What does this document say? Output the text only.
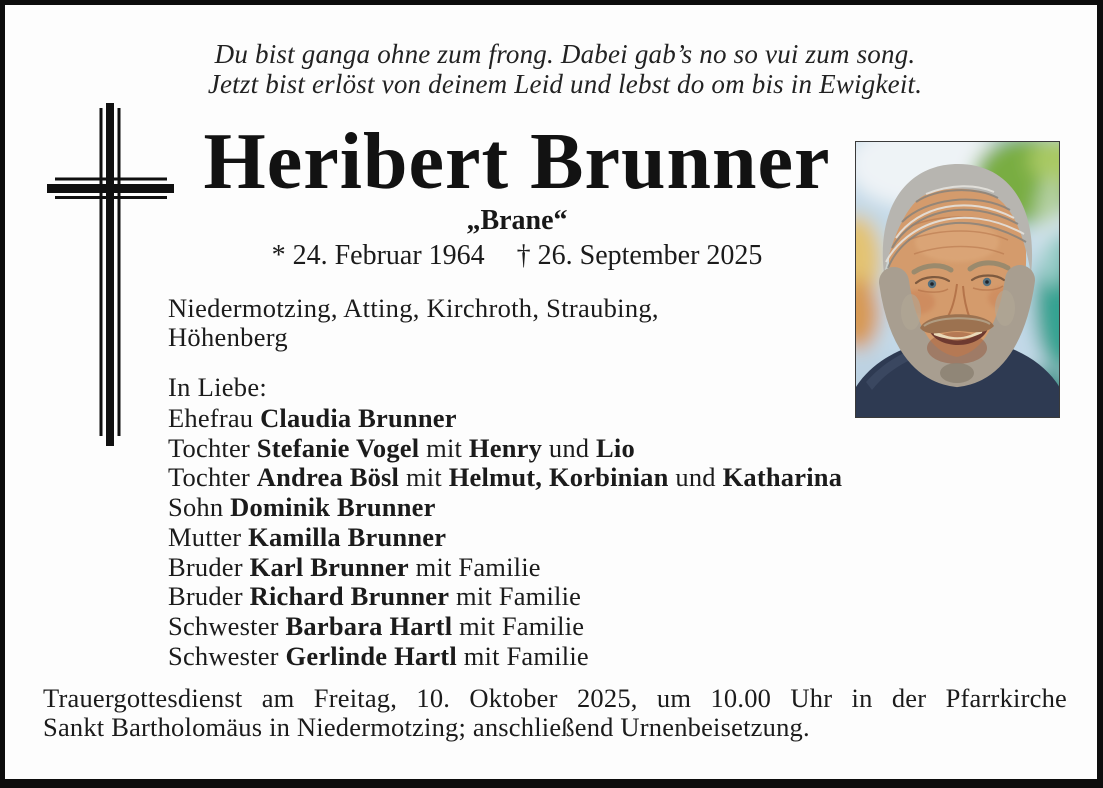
Du bist ganga ohne zum frong. Dabei gab’s no so vui zum song.
Jetzt bist erlöst von deinem Leid und lebst do om bis in Ewigkeit.
Heribert Brunner
„Brane“
* 24. Februar 1964 † 26. September 2025
Niedermotzing, Atting, Kirchroth, Straubing,
Höhenberg
In Liebe:
Ehefrau Claudia Brunner
Tochter Stefanie Vogel mit Henry und Lio
Tochter Andrea Bösl mit Helmut, Korbinian und Katharina
Sohn Dominik Brunner
Mutter Kamilla Brunner
Bruder Karl Brunner mit Familie
Bruder Richard Brunner mit Familie
Schwester Barbara Hartl mit Familie
Schwester Gerlinde Hartl mit Familie
Trauergottesdienst am Freitag, 10. Oktober 2025, um 10.00 Uhr in der Pfarrkirche
Sankt Bartholomäus in Niedermotzing; anschließend Urnenbeisetzung.
